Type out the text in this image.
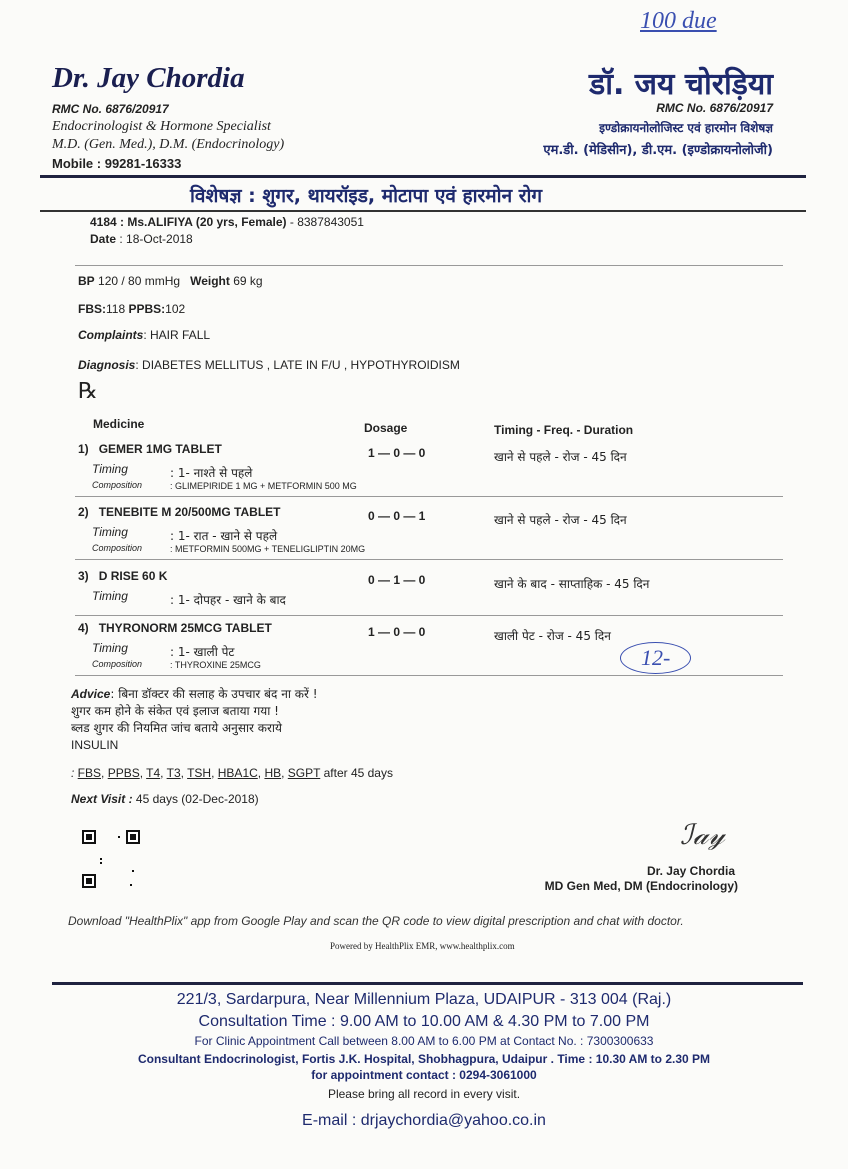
100 due
Dr. Jay Chordia
RMC No. 6876/20917
Endocrinologist & Hormone Specialist
M.D. (Gen. Med.), D.M. (Endocrinology)
Mobile : 99281-16333
डॉ. जय चोरड़िया
RMC No. 6876/20917
इण्डोक्रायनोलोजिस्ट एवं हारमोन विशेषज्ञ
एम.डी. (मेडिसीन), डी.एम. (इण्डोक्रायनोलोजी)
विशेषज्ञ : शुगर, थायरॉइड, मोटापा एवं हारमोन रोग
4184 : Ms.ALIFIYA (20 yrs, Female) - 8387843051
Date : 18-Oct-2018
BP 120 / 80 mmHg Weight 69 kg
FBS:118 PPBS:102
Complaints: HAIR FALL
Diagnosis: DIABETES MELLITUS , LATE IN F/U , HYPOTHYROIDISM
℞
Medicine	Dosage	Timing - Freq. - Duration
1) GEMER 1MG TABLET	1 — 0 — 0	खाने से पहले - रोज - 45 दिन
Timing	: 1- नाश्ते से पहले
Composition	: GLIMEPIRIDE 1 MG + METFORMIN 500 MG
2) TENEBITE M 20/500MG TABLET	0 — 0 — 1	खाने से पहले - रोज - 45 दिन
Timing	: 1- रात - खाने से पहले
Composition	: METFORMIN 500MG + TENELIGLIPTIN 20MG
3) D RISE 60 K	0 — 1 — 0	खाने के बाद - साप्ताहिक - 45 दिन
Timing	: 1- दोपहर - खाने के बाद
4) THYRONORM 25MCG TABLET	1 — 0 — 0	खाली पेट - रोज - 45 दिन
Timing	: 1- खाली पेट
Composition	: THYROXINE 25MCG	12-
Advice: बिना डॉक्टर की सलाह के उपचार बंद ना करें !
शुगर कम होने के संकेत एवं इलाज बताया गया !
ब्लड शुगर की नियमित जांच बताये अनुसार कराये
INSULIN
: FBS, PPBS, T4, T3, TSH, HBA1C, HB, SGPT after 45 days
Next Visit : 45 days (02-Dec-2018)
ℐ𝒶𝓎
Dr. Jay Chordia
MD Gen Med, DM (Endocrinology)
Download "HealthPlix" app from Google Play and scan the QR code to view digital prescription and chat with doctor.
Powered by HealthPlix EMR, www.healthplix.com
221/3, Sardarpura, Near Millennium Plaza, UDAIPUR - 313 004 (Raj.)
Consultation Time : 9.00 AM to 10.00 AM & 4.30 PM to 7.00 PM
For Clinic Appointment Call between 8.00 AM to 6.00 PM at Contact No. : 7300300633
Consultant Endocrinologist, Fortis J.K. Hospital, Shobhagpura, Udaipur . Time : 10.30 AM to 2.30 PM
for appointment contact : 0294-3061000
Please bring all record in every visit.
E-mail : drjaychordia@yahoo.co.in
